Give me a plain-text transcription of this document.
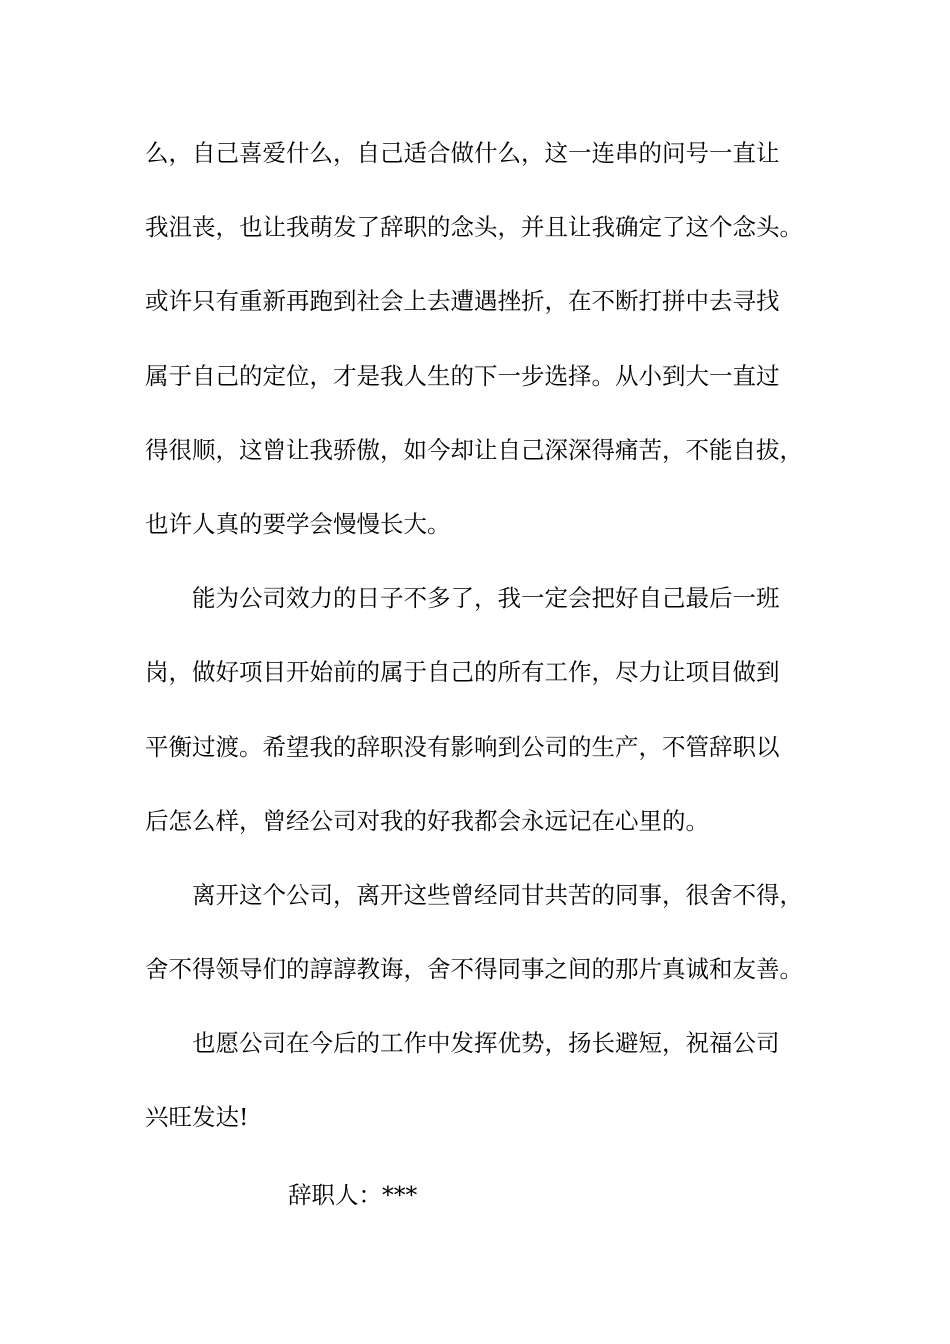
么，自己喜爱什么，自己适合做什么，这一连串的问号一直让
我沮丧，也让我萌发了辞职的念头，并且让我确定了这个念头。
或许只有重新再跑到社会上去遭遇挫折，在不断打拼中去寻找
属于自己的定位，才是我人生的下一步选择。从小到大一直过
得很顺，这曾让我骄傲，如今却让自己深深得痛苦，不能自拔，
也许人真的要学会慢慢长大。
能为公司效力的日子不多了，我一定会把好自己最后一班
岗，做好项目开始前的属于自己的所有工作，尽力让项目做到
平衡过渡。希望我的辞职没有影响到公司的生产，不管辞职以
后怎么样，曾经公司对我的好我都会永远记在心里的。
离开这个公司，离开这些曾经同甘共苦的同事，很舍不得，
舍不得领导们的諄諄教诲，舍不得同事之间的那片真诚和友善。
也愿公司在今后的工作中发挥优势，扬长避短，祝福公司
兴旺发达!
辞职人：***
